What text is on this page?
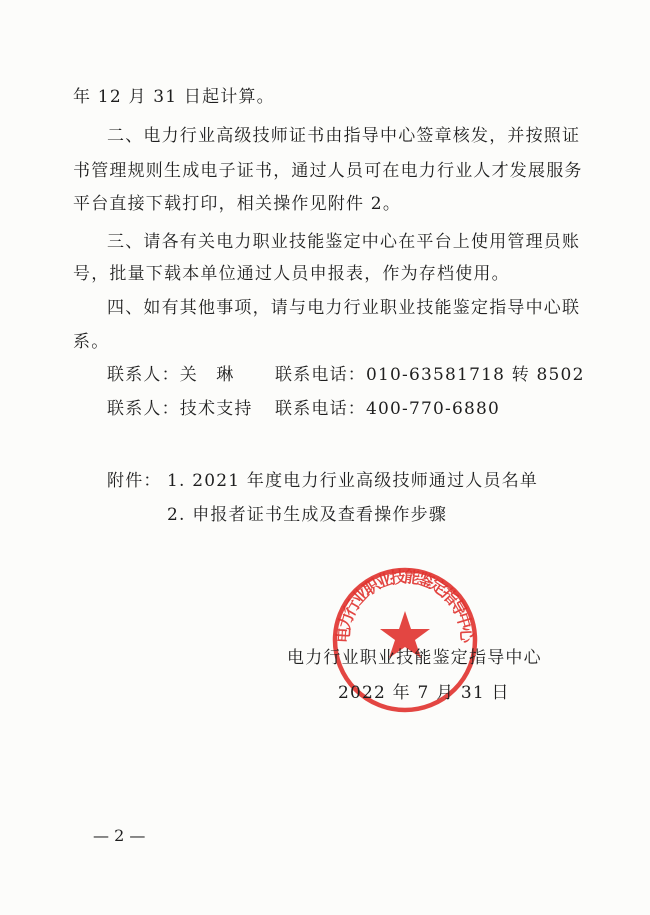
年 12 月 31 日起计算。
二、电力行业高级技师证书由指导中心签章核发，并按照证
书管理规则生成电子证书，通过人员可在电力行业人才发展服务
平台直接下载打印，相关操作见附件 2。
三、请各有关电力职业技能鉴定中心在平台上使用管理员账
号，批量下载本单位通过人员申报表，作为存档使用。
四、如有其他事项，请与电力行业职业技能鉴定指导中心联
系。
联系人：关　琳 联系电话：010-63581718 转 8502
联系人：技术支持 联系电话：400-770-6880
附件： 1. 2021 年度电力行业高级技师通过人员名单
2. 申报者证书生成及查看操作步骤
电力行业职业技能鉴定指导中心
电力行业职业技能鉴定指导中心
2022 年 7 月 31 日
— 2 —
